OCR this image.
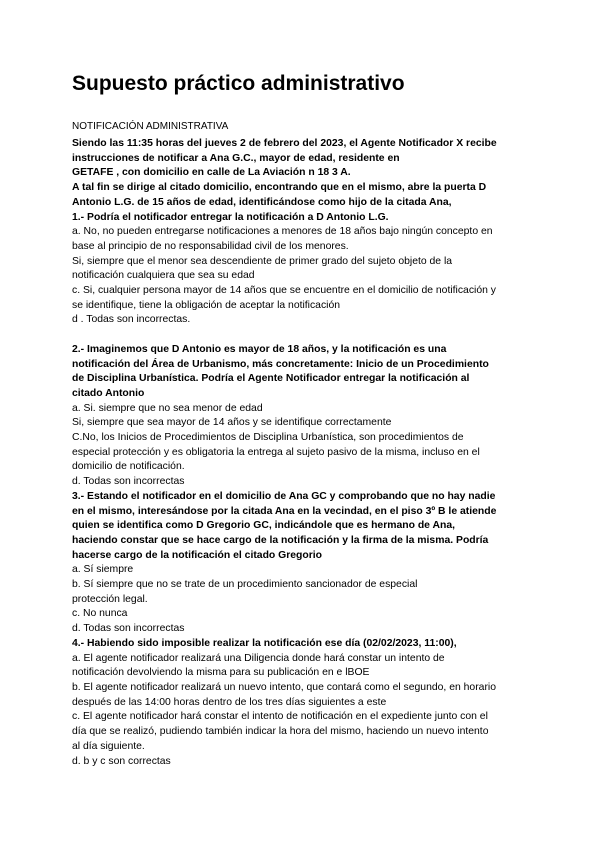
Supuesto práctico administrativo
NOTIFICACIÓN ADMINISTRATIVA

Siendo las 11:35 horas del jueves 2 de febrero del 2023, el Agente Notificador X recibe

instrucciones de notificar a Ana G.C., mayor de edad, residente en

GETAFE , con domicilio en calle de La Aviación n 18 3 A.

A tal fin se dirige al citado domicilio, encontrando que en el mismo, abre la puerta D

Antonio L.G. de 15 años de edad, identificándose como hijo de la citada Ana,

1.- Podría el notificador entregar la notificación a D Antonio L.G.

a. No, no pueden entregarse notificaciones a menores de 18 años bajo ningún concepto en

base al principio de no responsabilidad civil de los menores.

Si, siempre que el menor sea descendiente de primer grado del sujeto objeto de la

notificación cualquiera que sea su edad

c. Si, cualquier persona mayor de 14 años que se encuentre en el domicilio de notificación y

se identifique, tiene la obligación de aceptar la notificación

d . Todas son incorrectas.

2.- Imaginemos que D Antonio es mayor de 18 años, y la notificación es una

notificación del Área de Urbanismo, más concretamente: Inicio de un Procedimiento

de Disciplina Urbanística. Podría el Agente Notificador entregar la notificación al

citado Antonio

a. Si. siempre que no sea menor de edad

Si, siempre que sea mayor de 14 años y se identifique correctamente

C.No, los Inicios de Procedimientos de Disciplina Urbanística, son procedimientos de

especial protección y es obligatoria la entrega al sujeto pasivo de la misma, incluso en el

domicilio de notificación.

d. Todas son incorrectas

3.- Estando el notificador en el domicilio de Ana GC y comprobando que no hay nadie

en el mismo, interesándose por la citada Ana en la vecindad, en el piso 3º B le atiende

quien se identifica como D Gregorio GC, indicándole que es hermano de Ana,

haciendo constar que se hace cargo de la notificación y la firma de la misma. Podría

hacerse cargo de la notificación el citado Gregorio

a. Sí siempre

b. Sí siempre que no se trate de un procedimiento sancionador de especial

protección legal.

c. No nunca

d. Todas son incorrectas

4.- Habiendo sido imposible realizar la notificación ese día (02/02/2023, 11:00),

a. El agente notificador realizará una Diligencia donde hará constar un intento de

notificación devolviendo la misma para su publicación en e lBOE

b. El agente notificador realizará un nuevo intento, que contará como el segundo, en horario

después de las 14:00 horas dentro de los tres días siguientes a este

c. El agente notificador hará constar el intento de notificación en el expediente junto con el

día que se realizó, pudiendo también indicar la hora del mismo, haciendo un nuevo intento

al día siguiente.

d. b y c son correctas
